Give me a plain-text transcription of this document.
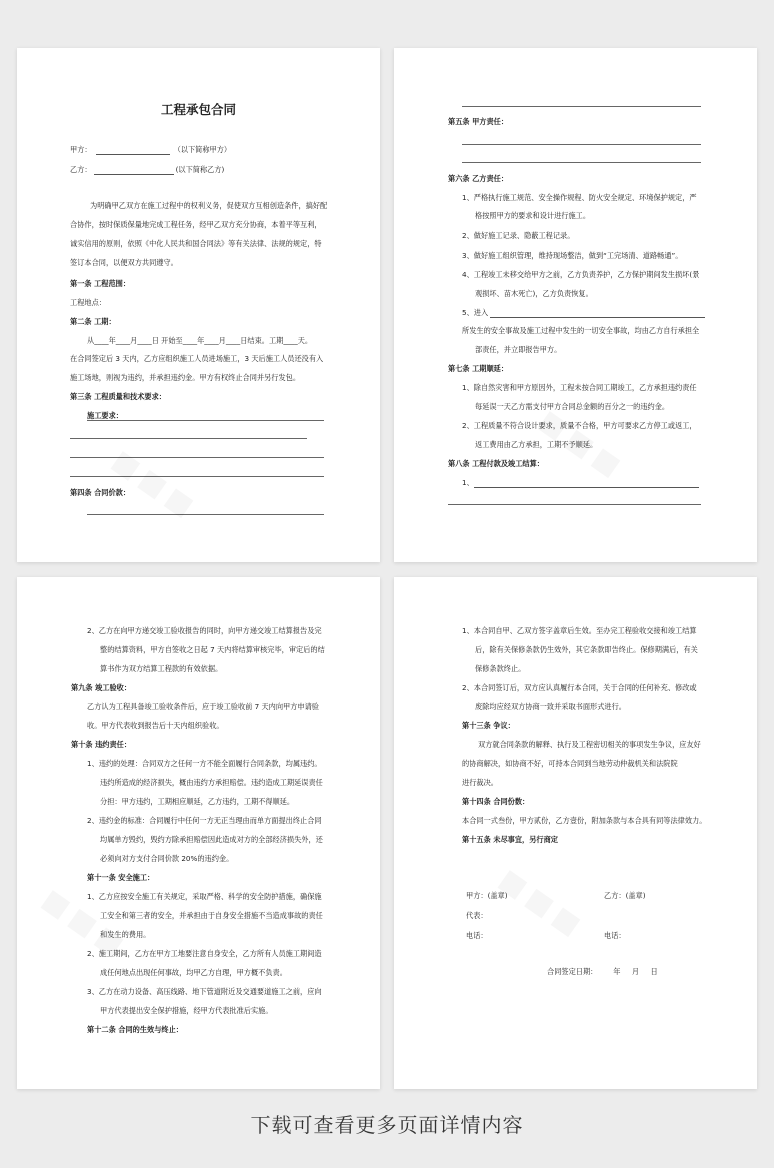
工程承包合同
甲方：	（以下简称甲方）
乙方：	(以下简称乙方)
为明确甲乙双方在施工过程中的权利义务，促使双方互相创造条件，搞好配
合协作，按时保质保量地完成工程任务，经甲乙双方充分协商，本着平等互利，
诚实信用的原则，依照《中化人民共和国合同法》等有关法律、法规的规定，特
签订本合同，以便双方共同遵守。
第一条 工程范围：
工程地点：
第二条 工期：
从____年____月____日 开始至____年____月____日结束。工期____天。
在合同签定后 3 天内，乙方应组织施工人员进场施工，3 天后施工人员还没有入
施工场地，则视为违约，并承担违约金。甲方有权终止合同并另行发包。
第三条 工程质量和技术要求：
施工要求：
第四条 合同价款：
第五条 甲方责任：
第六条 乙方责任：
1、严格执行施工规范、安全操作规程、防火安全规定、环境保护规定，严
格按照甲方的要求和设计进行施工。
2、做好施工记录、隐蔽工程记录。
3、做好施工组织管理，维持现场整洁，做到“工完场清、道路畅通”。
4、工程竣工未移交给甲方之前，乙方负责养护，乙方保护期间发生损坏(景
观损坏、苗木死亡)，乙方负责恢复。
5、进入
所发生的安全事故及施工过程中发生的一切安全事故，均由乙方自行承担全
部责任，并立即报告甲方。
第七条 工期顺延：
1、除自然灾害和甲方原因外，工程未按合同工期竣工，乙方承担违约责任
每延误一天乙方需支付甲方合同总金额的百分之一的违约金。
2、工程质量不符合设计要求，质量不合格，甲方可要求乙方停工或返工，
返工费用由乙方承担，工期不予顺延。
第八条 工程付款及竣工结算：
1、
2、乙方在向甲方递交竣工验收报告的同时，向甲方递交竣工结算报告及完
整的结算资料，甲方自签收之日起 7 天内将结算审核完毕，审定后的结
算书作为双方结算工程款的有效依据。
第九条 竣工验收：
乙方认为工程具备竣工验收条件后，应于竣工验收前 7 天内向甲方申请验
收。甲方代表收到报告后十天内组织验收。
第十条 违约责任：
1、违约的处理：合同双方之任何一方不能全面履行合同条款，均属违约。
违约所造成的经济损失，概由违约方承担赔偿。违约造成工期延误责任
分担：甲方违约，工期相应顺延，乙方违约，工期不得顺延。
2、违约金的标准：合同履行中任何一方无正当理由而单方面提出终止合同
均属单方毁约，毁约方除承担赔偿因此造成对方的全部经济损失外，还
必须向对方支付合同价款 20%的违约金。
第十一条 安全施工：
1、乙方应按安全施工有关规定，采取严格、科学的安全防护措施，确保施
工安全和第三者的安全，并承担由于自身安全措施不当造成事故的责任
和发生的费用。
2、施工期间，乙方在甲方工地要注意自身安全，乙方所有人员施工期间造
成任何地点出现任何事故，均甲乙方自理，甲方概不负责。
3、乙方在动力设备、高压线路、地下管道附近及交通要道施工之前，应向
甲方代表提出安全保护措施，经甲方代表批准后实施。
第十二条 合同的生效与终止：
1、本合同自甲、乙双方签字盖章后生效。至办完工程验收交接和竣工结算
后，除有关保修条款仍生效外，其它条款即告终止。保修期满后，有关
保修条款终止。
2、本合同签订后，双方应认真履行本合同，关于合同的任何补充、修改或
废除均应经双方协商一致并采取书面形式进行。
第十三条 争议：
双方就合同条款的解释、执行及工程密切相关的事项发生争议，应友好
的协商解决，如协商不好，可持本合同到当地劳动仲裁机关和法院院
进行裁决。
第十四条 合同份数：
本合同一式叁份，甲方贰份，乙方壹份，附加条款与本合具有同等法律效力。
第十五条 未尽事宜，另行商定
甲方：(盖章)	乙方：(盖章)
代表：
电话：	电话：
合同签定日期：       年     月     日
下载可查看更多页面详情内容
